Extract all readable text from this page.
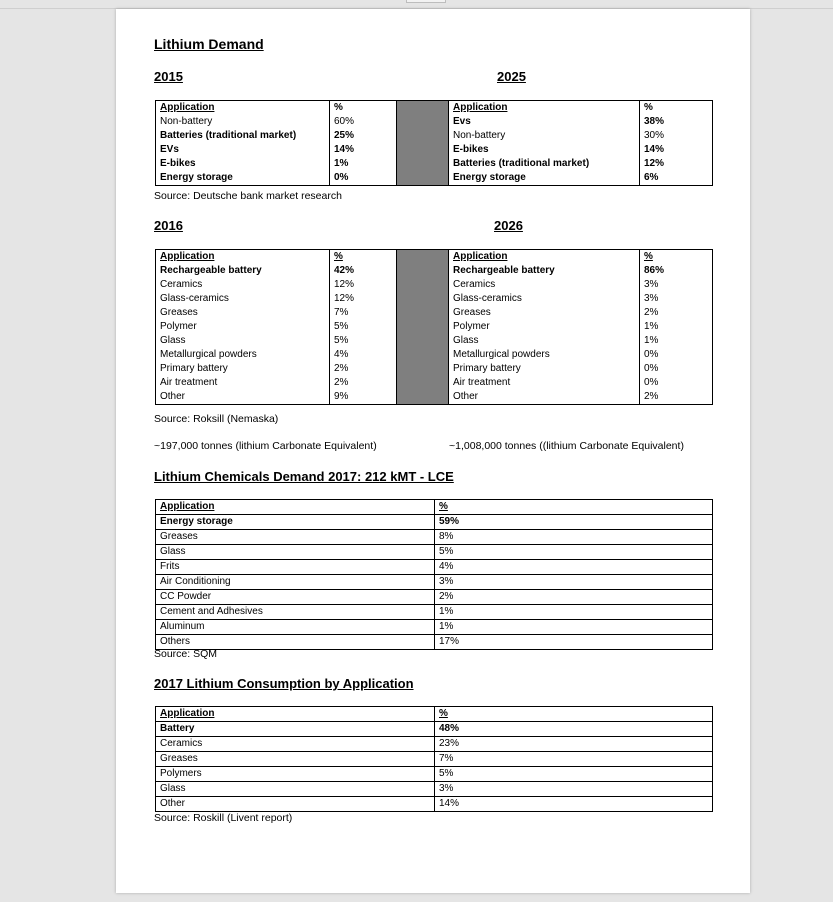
Lithium Demand
2015	2025
Application	%		Application	%
Non-battery	60%		Evs	38%
Batteries (traditional market)	25%		Non-battery	30%
EVs	14%		E-bikes	14%
E-bikes	1%		Batteries (traditional market)	12%
Energy storage	0%		Energy storage	6%
Source: Deutsche bank market research
2016	2026
Application	%		Application	%
Rechargeable battery	42%		Rechargeable battery	86%
Ceramics	12%		Ceramics	3%
Glass-ceramics	12%		Glass-ceramics	3%
Greases	7%		Greases	2%
Polymer	5%		Polymer	1%
Glass	5%		Glass	1%
Metallurgical powders	4%		Metallurgical powders	0%
Primary battery	2%		Primary battery	0%
Air treatment	2%		Air treatment	0%
Other	9%		Other	2%
Source: Roksill (Nemaska)
~197,000 tonnes (lithium Carbonate Equivalent)	~1,008,000 tonnes ((lithium Carbonate Equivalent)
Lithium Chemicals Demand 2017: 212 kMT - LCE
Application	%
Energy storage	59%
Greases	8%
Glass	5%
Frits	4%
Air Conditioning	3%
CC Powder	2%
Cement and Adhesives	1%
Aluminum	1%
Others	17%
Source: SQM
2017 Lithium Consumption by Application
Application	%
Battery	48%
Ceramics	23%
Greases	7%
Polymers	5%
Glass	3%
Other	14%
Source: Roskill (Livent report)
